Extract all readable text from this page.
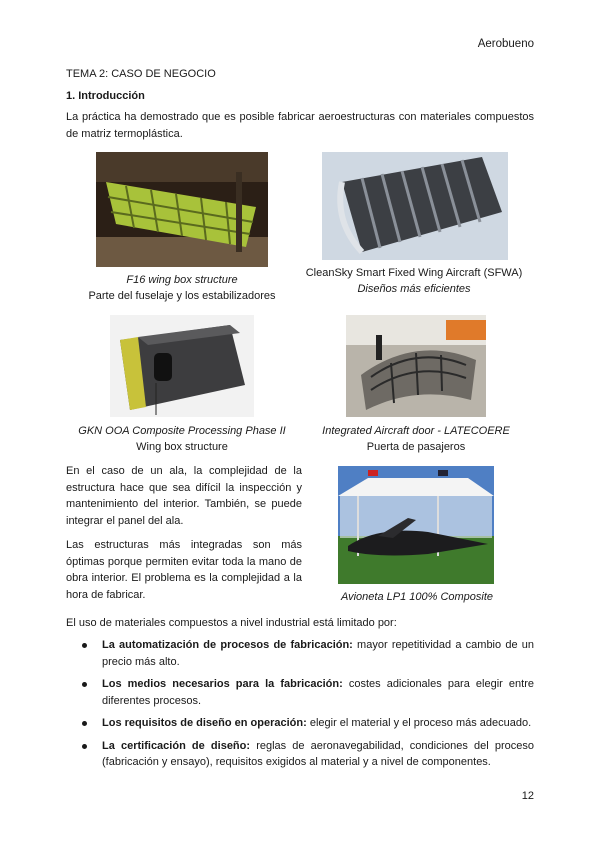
Aerobueno
TEMA 2: CASO DE NEGOCIO
1. Introducción
La práctica ha demostrado que es posible fabricar aeroestructuras con materiales compuestos de matriz termoplástica.
F16 wing box structure
Parte del fuselaje y los estabilizadores
CleanSky Smart Fixed Wing Aircraft (SFWA)
Diseños más eficientes
GKN OOA Composite Processing Phase II
Wing box structure
Integrated Aircraft door - LATECOERE
Puerta de pasajeros
En el caso de un ala, la complejidad de la estructura hace que sea difícil la inspección y mantenimiento del interior. También, se puede integrar el panel del ala.
Las estructuras más integradas son más óptimas porque permiten evitar toda la mano de obra interior. El problema es la complejidad a la hora de fabricar.	Avioneta LP1 100% Composite
El uso de materiales compuestos a nivel industrial está limitado por:
La automatización de procesos de fabricación: mayor repetitividad a cambio de un precio más alto.
Los medios necesarios para la fabricación: costes adicionales para elegir entre diferentes procesos.
Los requisitos de diseño en operación: elegir el material y el proceso más adecuado.
La certificación de diseño: reglas de aeronavegabilidad, condiciones del proceso (fabricación y ensayo), requisitos exigidos al material y a nivel de componentes.
12
